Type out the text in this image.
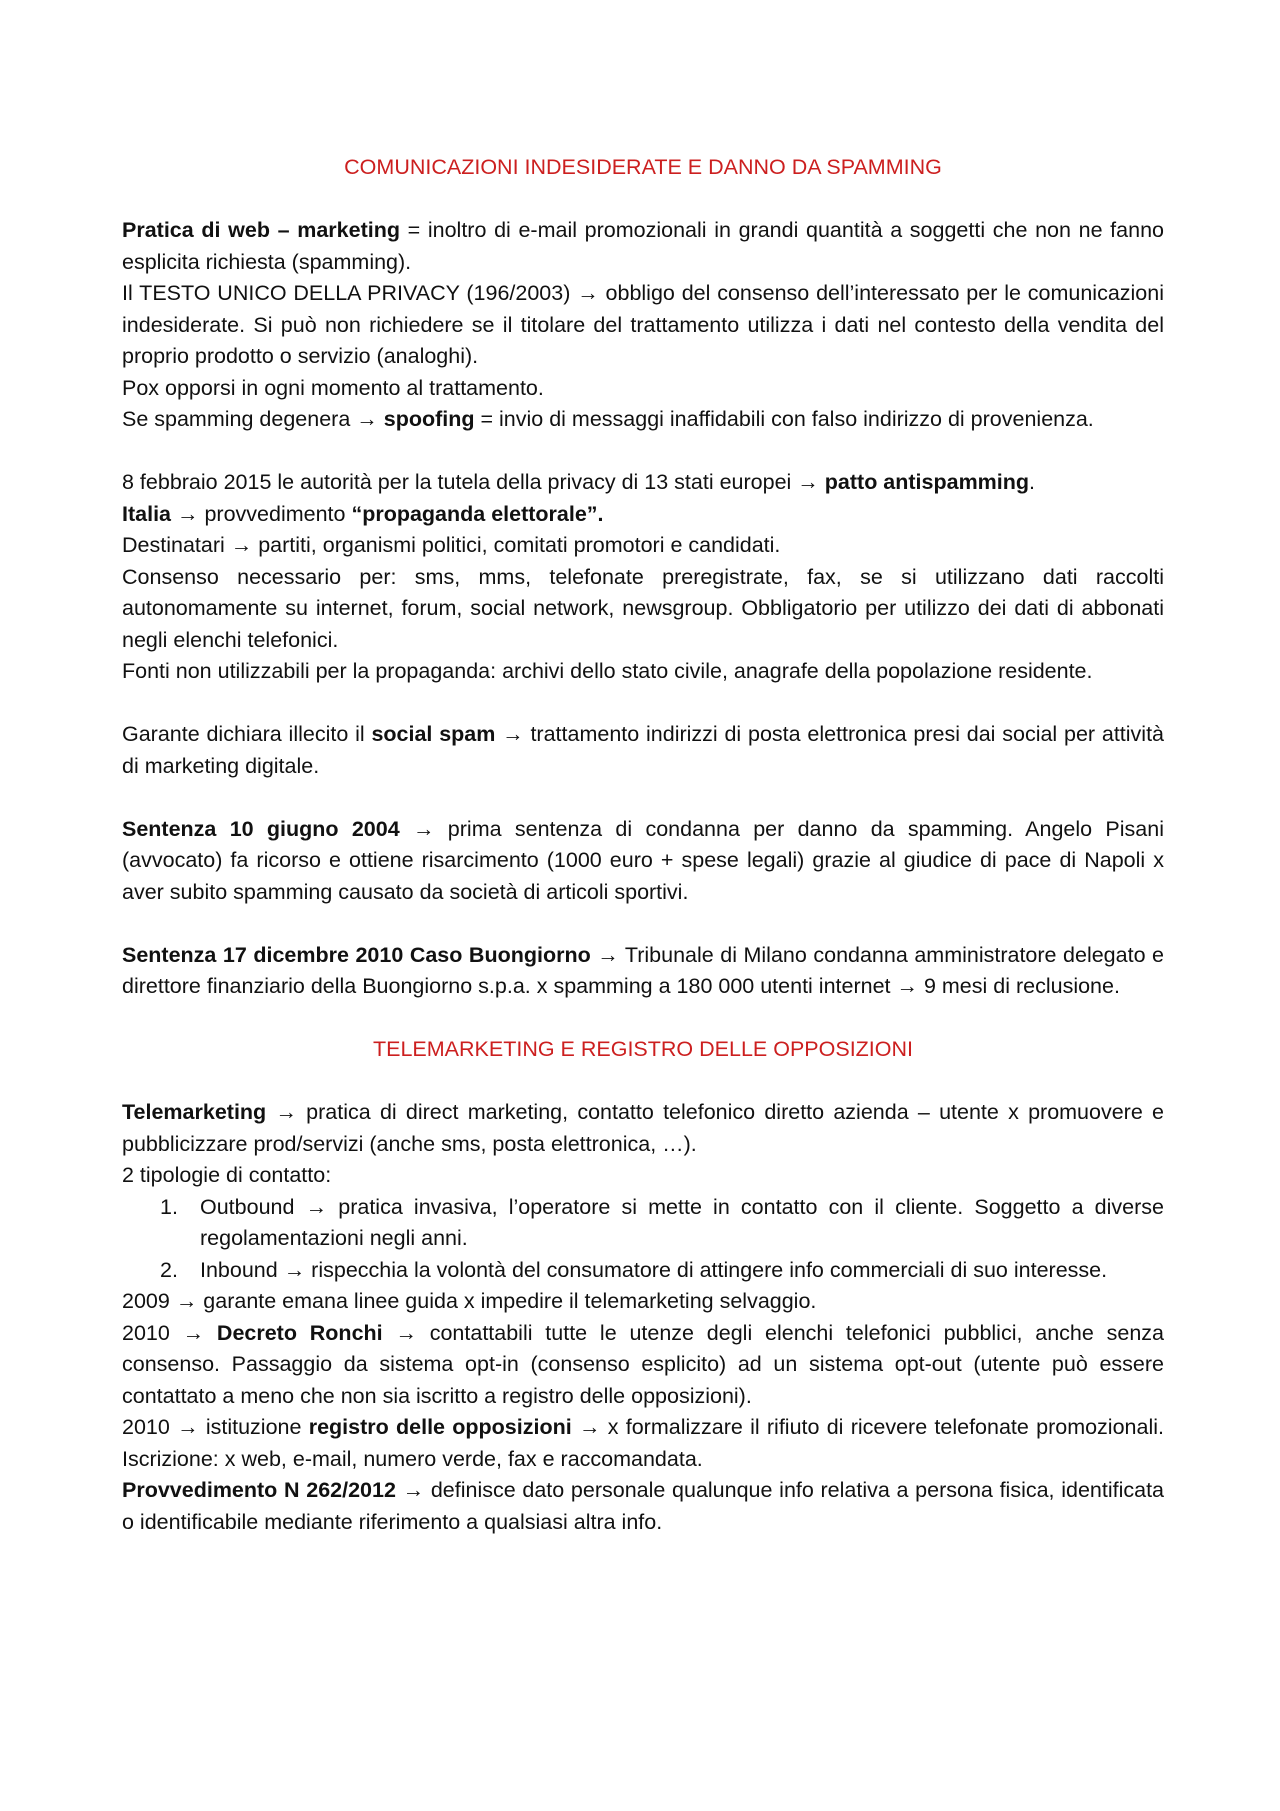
COMUNICAZIONI INDESIDERATE E DANNO DA SPAMMING

Pratica di web – marketing = inoltro di e-mail promozionali in grandi quantità a soggetti che non ne fanno esplicita richiesta (spamming).

Il TESTO UNICO DELLA PRIVACY (196/2003) → obbligo del consenso dell’interessato per le comunicazioni indesiderate. Si può non richiedere se il titolare del trattamento utilizza i dati nel contesto della vendita del proprio prodotto o servizio (analoghi).

Pox opporsi in ogni momento al trattamento.

Se spamming degenera → spoofing = invio di messaggi inaffidabili con falso indirizzo di provenienza.

8 febbraio 2015 le autorità per la tutela della privacy di 13 stati europei → patto antispamming.

Italia → provvedimento “propaganda elettorale”.

Destinatari → partiti, organismi politici, comitati promotori e candidati.

Consenso necessario per: sms, mms, telefonate preregistrate, fax, se si utilizzano dati raccolti autonomamente su internet, forum, social network, newsgroup. Obbligatorio per utilizzo dei dati di abbonati negli elenchi telefonici.

Fonti non utilizzabili per la propaganda: archivi dello stato civile, anagrafe della popolazione residente.

Garante dichiara illecito il social spam → trattamento indirizzi di posta elettronica presi dai social per attività di marketing digitale.

Sentenza 10 giugno 2004 → prima sentenza di condanna per danno da spamming. Angelo Pisani (avvocato) fa ricorso e ottiene risarcimento (1000 euro + spese legali) grazie al giudice di pace di Napoli x aver subito spamming causato da società di articoli sportivi.

Sentenza 17 dicembre 2010 Caso Buongiorno → Tribunale di Milano condanna amministratore delegato e direttore finanziario della Buongiorno s.p.a. x spamming a 180 000 utenti internet → 9 mesi di reclusione.

TELEMARKETING E REGISTRO DELLE OPPOSIZIONI

Telemarketing → pratica di direct marketing, contatto telefonico diretto azienda – utente x promuovere e pubblicizzare prod/servizi (anche sms, posta elettronica, …).

2 tipologie di contatto:

1. Outbound → pratica invasiva, l’operatore si mette in contatto con il cliente. Soggetto a diverse regolamentazioni negli anni.
2. Inbound → rispecchia la volontà del consumatore di attingere info commerciali di suo interesse.

2009 → garante emana linee guida x impedire il telemarketing selvaggio.

2010 → Decreto Ronchi → contattabili tutte le utenze degli elenchi telefonici pubblici, anche senza consenso. Passaggio da sistema opt-in (consenso esplicito) ad un sistema opt-out (utente può essere contattato a meno che non sia iscritto a registro delle opposizioni).

2010 → istituzione registro delle opposizioni → x formalizzare il rifiuto di ricevere telefonate promozionali. Iscrizione: x web, e-mail, numero verde, fax e raccomandata.

Provvedimento N 262/2012 → definisce dato personale qualunque info relativa a persona fisica, identificata o identificabile mediante riferimento a qualsiasi altra info.
